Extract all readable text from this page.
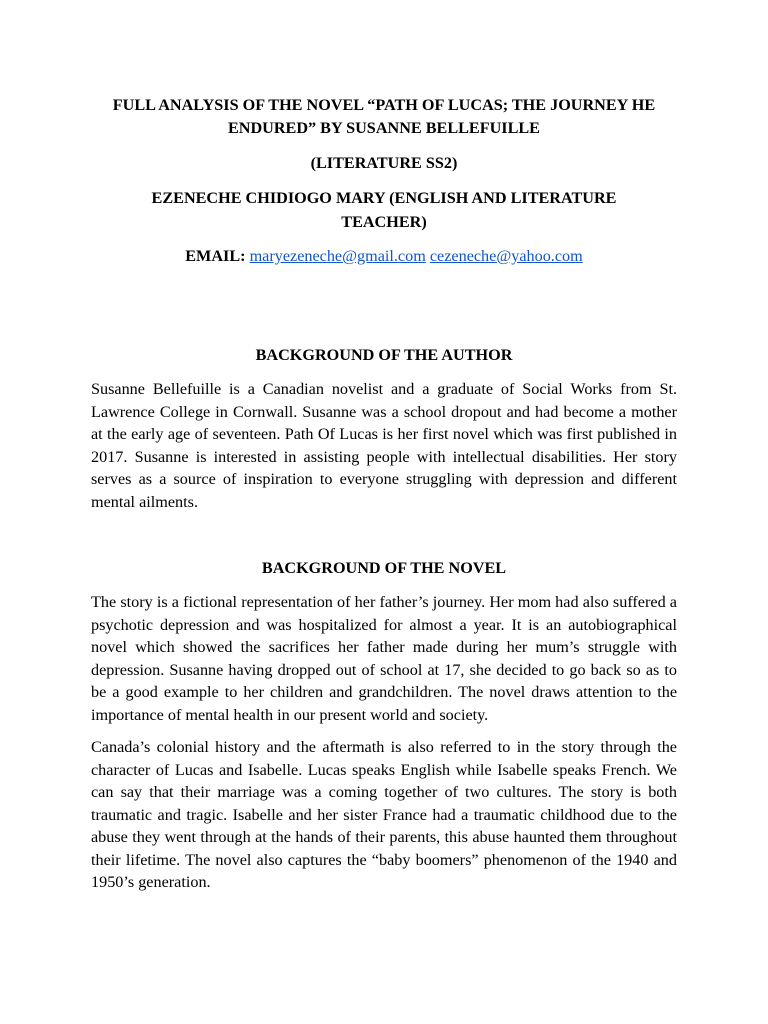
FULL ANALYSIS OF THE NOVEL “PATH OF LUCAS; THE JOURNEY HE ENDURED” BY SUSANNE BELLEFUILLE
(LITERATURE SS2)
EZENECHE CHIDIOGO MARY (ENGLISH AND LITERATURE TEACHER)
EMAIL: maryezeneche@gmail.com cezeneche@yahoo.com
BACKGROUND OF THE AUTHOR

Susanne Bellefuille is a Canadian novelist and a graduate of Social Works from St. Lawrence College in Cornwall. Susanne was a school dropout and had become a mother at the early age of seventeen. Path Of Lucas is her first novel which was first published in 2017. Susanne is interested in assisting people with intellectual disabilities. Her story serves as a source of inspiration to everyone struggling with depression and different mental ailments.

BACKGROUND OF THE NOVEL

The story is a fictional representation of her father’s journey. Her mom had also suffered a psychotic depression and was hospitalized for almost a year. It is an autobiographical novel which showed the sacrifices her father made during her mum’s struggle with depression. Susanne having dropped out of school at 17, she decided to go back so as to be a good example to her children and grandchildren. The novel draws attention to the importance of mental health in our present world and society.

Canada’s colonial history and the aftermath is also referred to in the story through the character of Lucas and Isabelle. Lucas speaks English while Isabelle speaks French. We can say that their marriage was a coming together of two cultures. The story is both traumatic and tragic. Isabelle and her sister France had a traumatic childhood due to the abuse they went through at the hands of their parents, this abuse haunted them throughout their lifetime. The novel also captures the “baby boomers” phenomenon of the 1940 and 1950’s generation.
